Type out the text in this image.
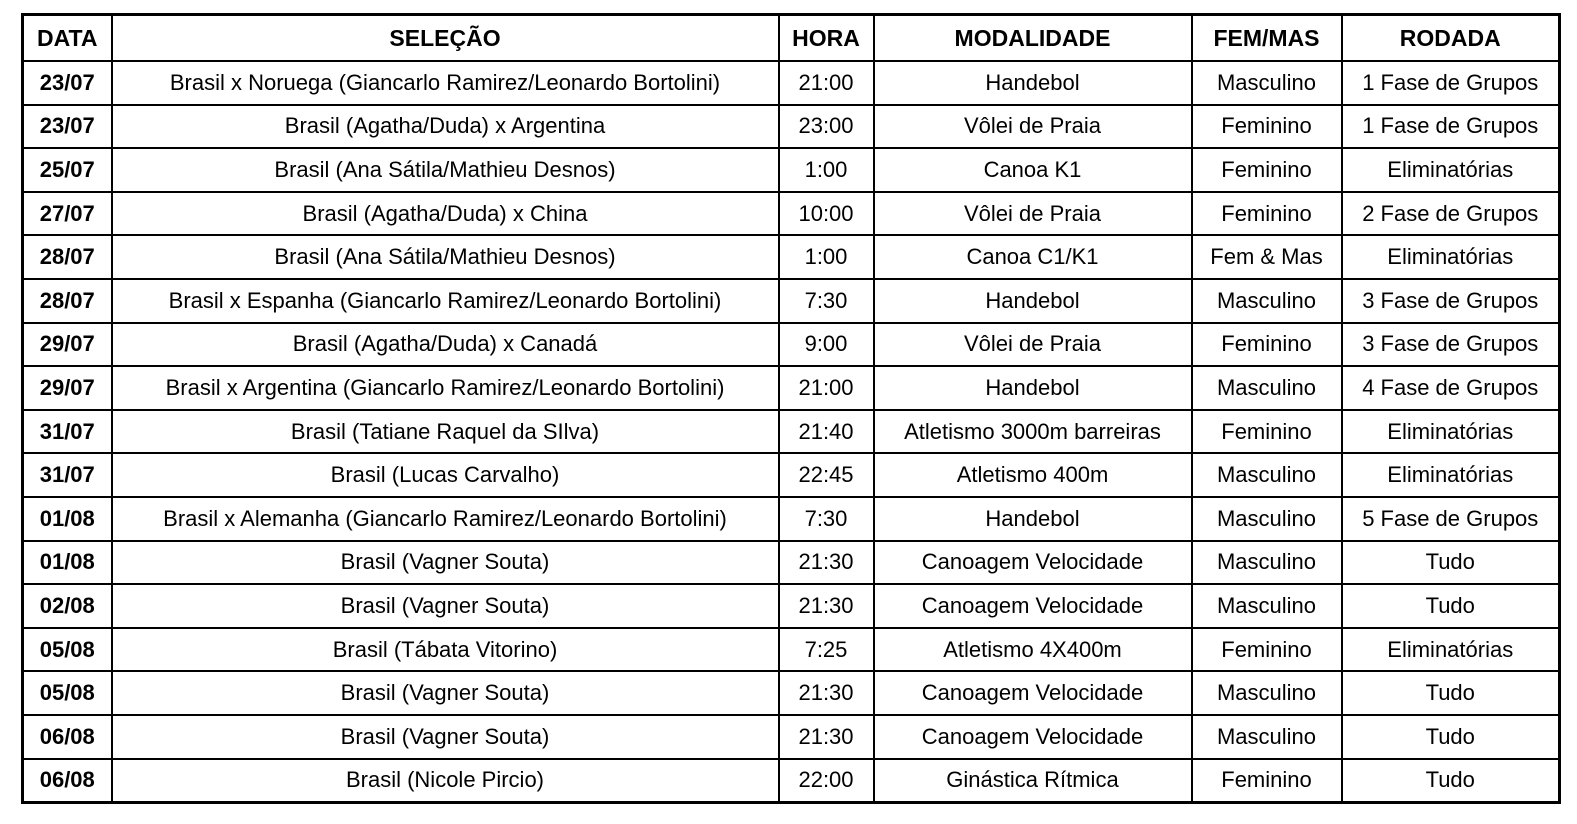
DATA	SELEÇÃO	HORA	MODALIDADE	FEM/MAS	RODADA
23/07	Brasil x Noruega (Giancarlo Ramirez/Leonardo Bortolini)	21:00	Handebol	Masculino	1 Fase de Grupos
23/07	Brasil (Agatha/Duda) x Argentina	23:00	Vôlei de Praia	Feminino	1 Fase de Grupos
25/07	Brasil (Ana Sátila/Mathieu Desnos)	1:00	Canoa K1	Feminino	Eliminatórias
27/07	Brasil (Agatha/Duda) x China	10:00	Vôlei de Praia	Feminino	2 Fase de Grupos
28/07	Brasil (Ana Sátila/Mathieu Desnos)	1:00	Canoa C1/K1	Fem & Mas	Eliminatórias
28/07	Brasil x Espanha (Giancarlo Ramirez/Leonardo Bortolini)	7:30	Handebol	Masculino	3 Fase de Grupos
29/07	Brasil (Agatha/Duda) x Canadá	9:00	Vôlei de Praia	Feminino	3 Fase de Grupos
29/07	Brasil x Argentina (Giancarlo Ramirez/Leonardo Bortolini)	21:00	Handebol	Masculino	4 Fase de Grupos
31/07	Brasil (Tatiane Raquel da SIlva)	21:40	Atletismo 3000m barreiras	Feminino	Eliminatórias
31/07	Brasil (Lucas Carvalho)	22:45	Atletismo 400m	Masculino	Eliminatórias
01/08	Brasil x Alemanha (Giancarlo Ramirez/Leonardo Bortolini)	7:30	Handebol	Masculino	5 Fase de Grupos
01/08	Brasil (Vagner Souta)	21:30	Canoagem Velocidade	Masculino	Tudo
02/08	Brasil (Vagner Souta)	21:30	Canoagem Velocidade	Masculino	Tudo
05/08	Brasil (Tábata Vitorino)	7:25	Atletismo 4X400m	Feminino	Eliminatórias
05/08	Brasil (Vagner Souta)	21:30	Canoagem Velocidade	Masculino	Tudo
06/08	Brasil (Vagner Souta)	21:30	Canoagem Velocidade	Masculino	Tudo
06/08	Brasil (Nicole Pircio)	22:00	Ginástica Rítmica	Feminino	Tudo
